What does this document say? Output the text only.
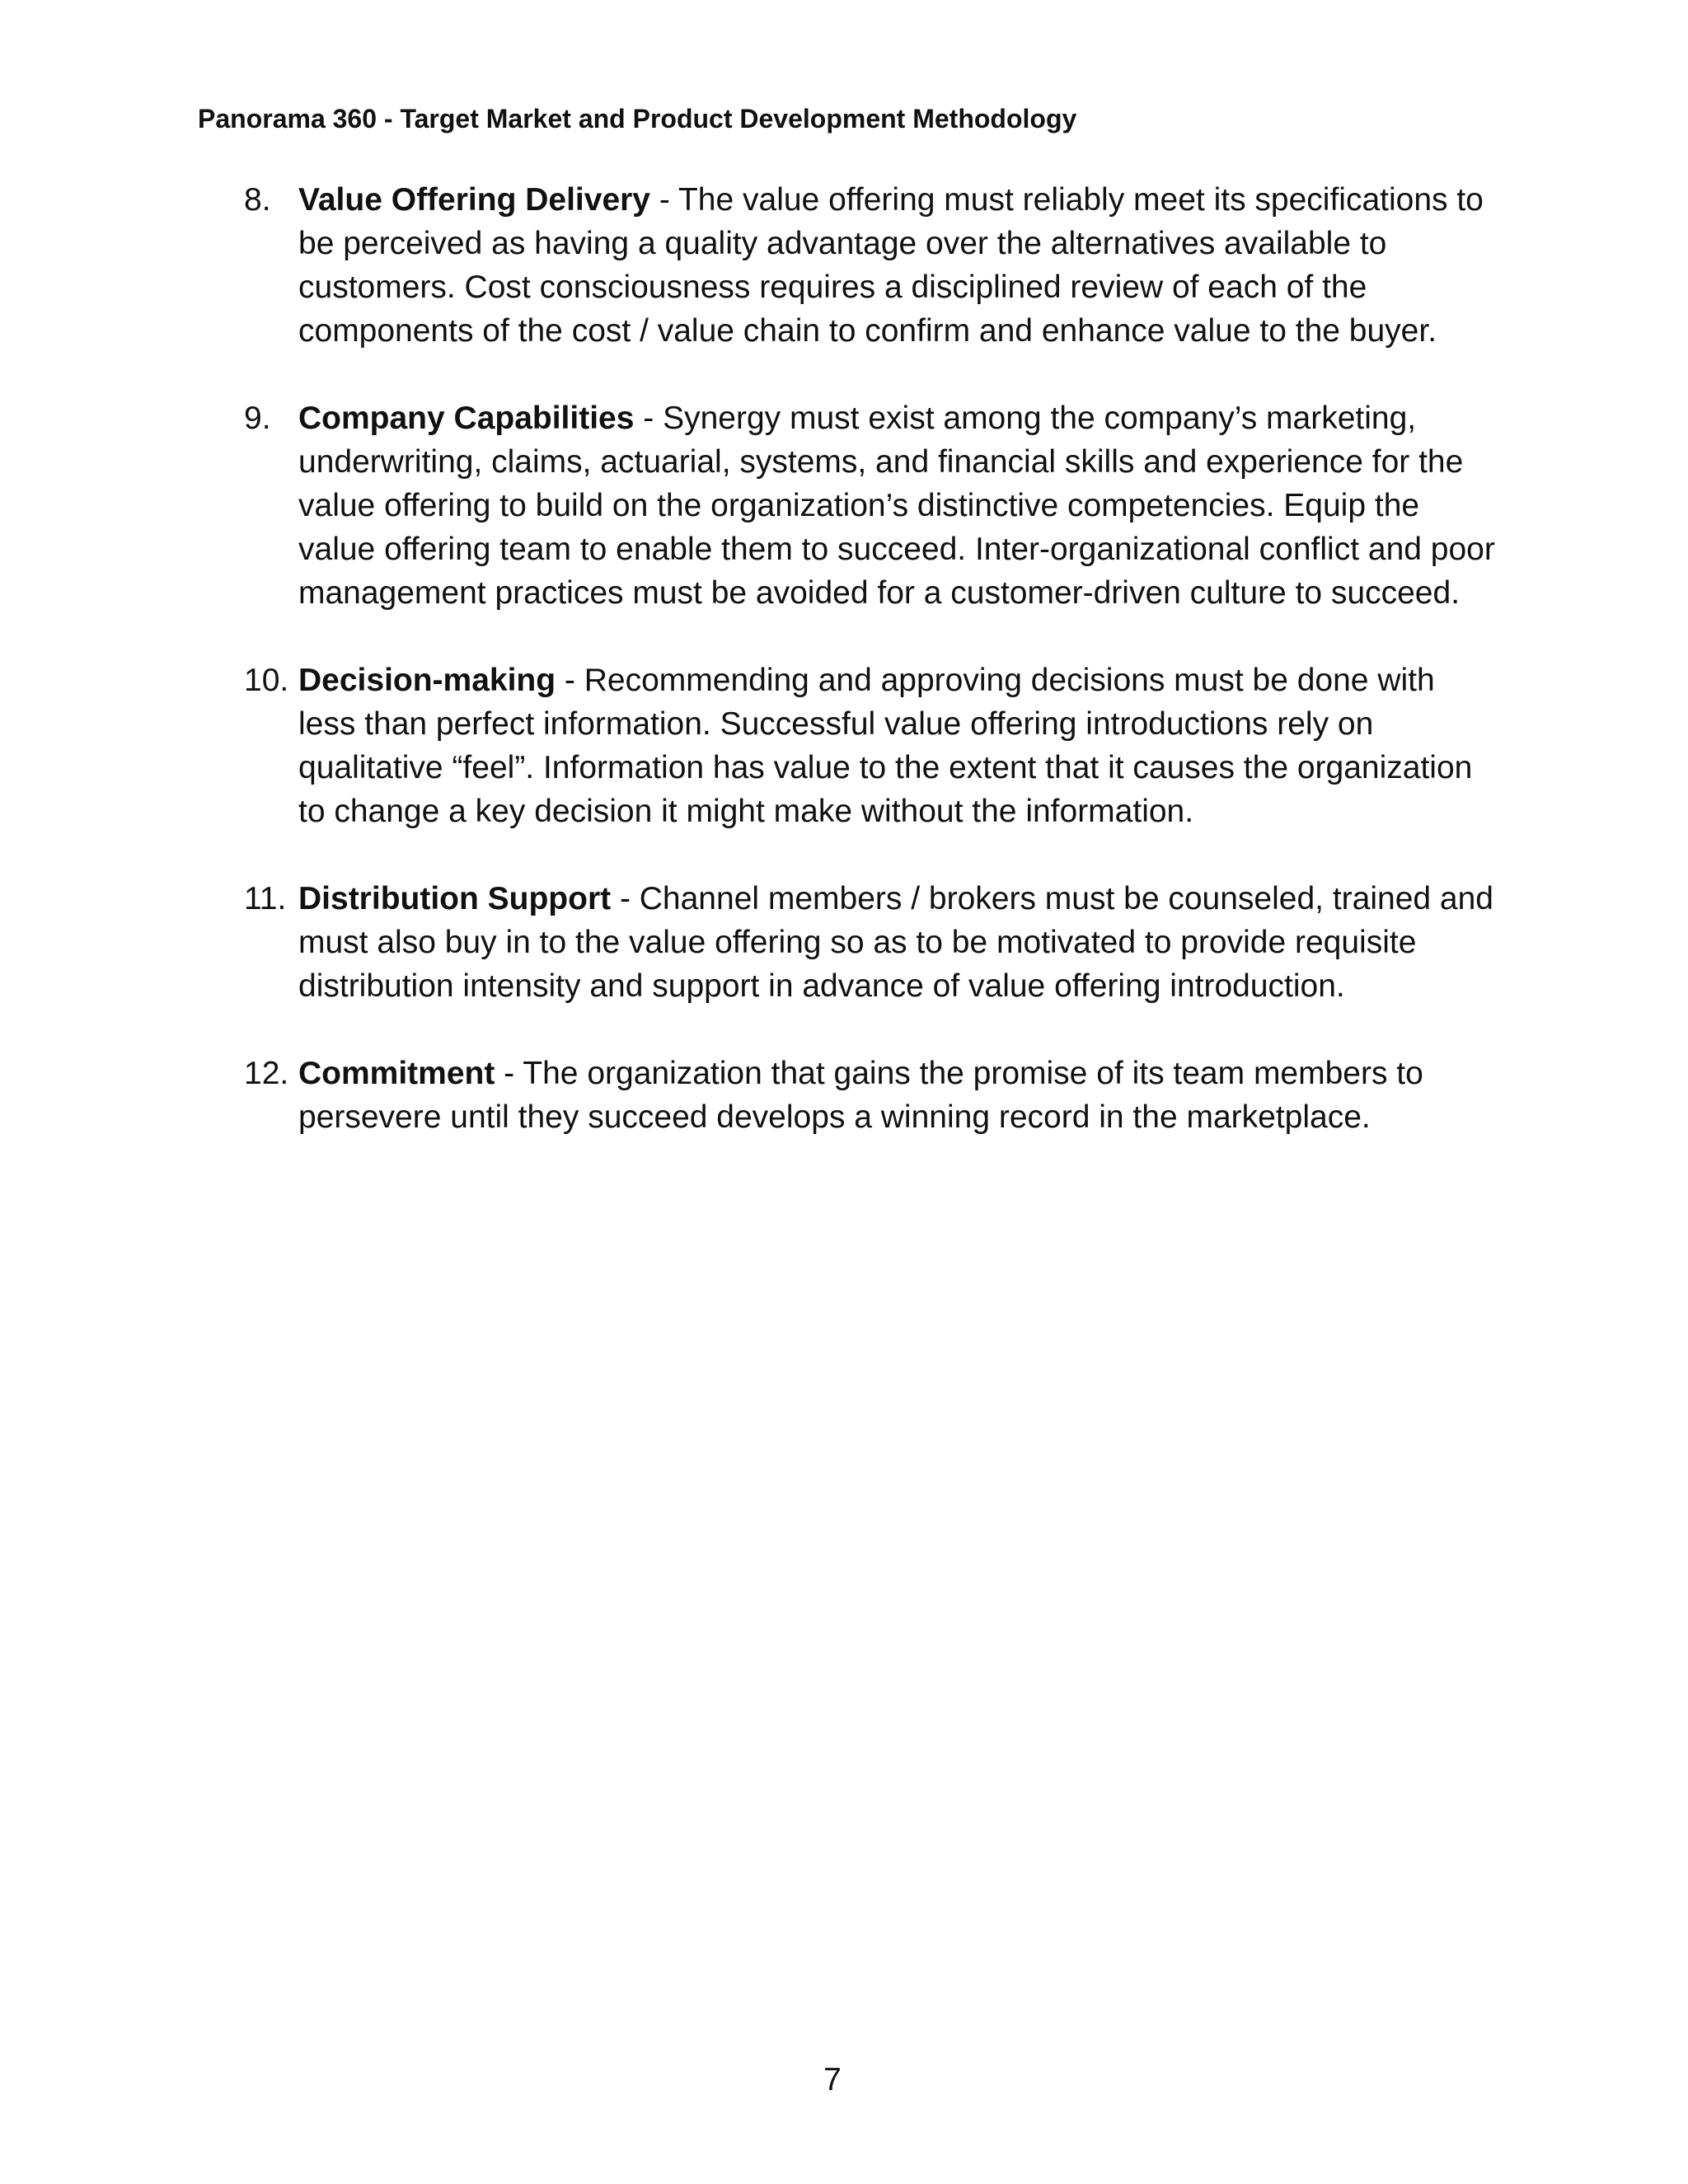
Panorama 360 - Target Market and Product Development Methodology
8. Value Offering Delivery - The value offering must reliably meet its specifications to be perceived as having a quality advantage over the alternatives available to customers. Cost consciousness requires a disciplined review of each of the components of the cost / value chain to confirm and enhance value to the buyer.
9. Company Capabilities - Synergy must exist among the company’s marketing, underwriting, claims, actuarial, systems, and financial skills and experience for the value offering to build on the organization’s distinctive competencies. Equip the value offering team to enable them to succeed. Inter-organizational conflict and poor management practices must be avoided for a customer-driven culture to succeed.
10. Decision-making - Recommending and approving decisions must be done with less than perfect information. Successful value offering introductions rely on qualitative “feel”. Information has value to the extent that it causes the organization to change a key decision it might make without the information.
11. Distribution Support - Channel members / brokers must be counseled, trained and must also buy in to the value offering so as to be motivated to provide requisite distribution intensity and support in advance of value offering introduction.
12. Commitment - The organization that gains the promise of its team members to persevere until they succeed develops a winning record in the marketplace.
7
